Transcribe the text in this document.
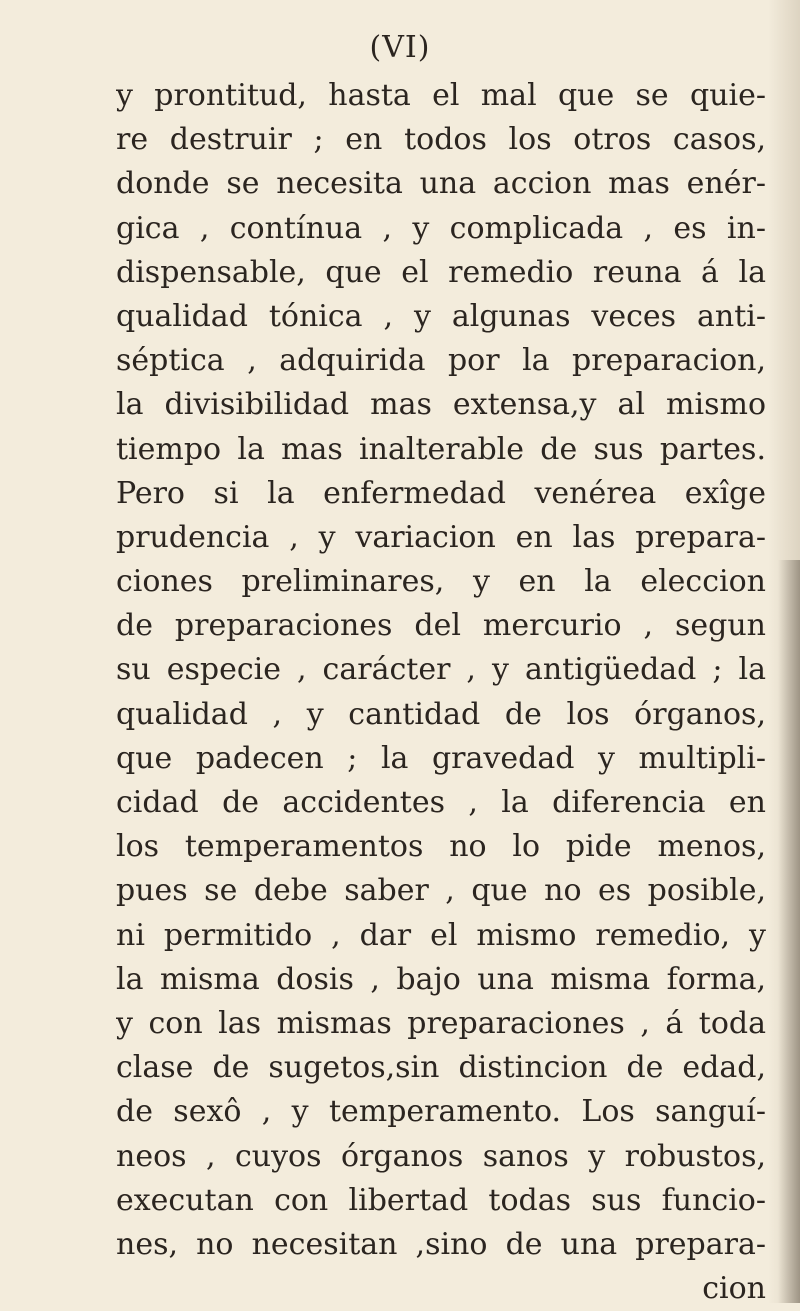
(VI)
y prontitud, hasta el mal que se quie-
re destruir ; en todos los otros casos,
donde se necesita una accion mas enér-
gica , contínua , y complicada , es in-
dispensable, que el remedio reuna á la
qualidad tónica , y algunas veces anti-
séptica , adquirida por la preparacion,
la divisibilidad mas extensa,y al mismo
tiempo la mas inalterable de sus partes.
Pero si la enfermedad venérea exîge
prudencia , y variacion en las prepara-
ciones preliminares, y en la eleccion
de preparaciones del mercurio , segun
su especie , carácter , y antigüedad ; la
qualidad , y cantidad de los órganos,
que padecen ; la gravedad y multipli-
cidad de accidentes , la diferencia en
los temperamentos no lo pide menos,
pues se debe saber , que no es posible,
ni permitido , dar el mismo remedio, y
la misma dosis , bajo una misma forma,
y con las mismas preparaciones , á toda
clase de sugetos,sin distincion de edad,
de sexô , y temperamento. Los sanguí-
neos , cuyos órganos sanos y robustos,
executan con libertad todas sus funcio-
nes, no necesitan ,sino de una prepara-
cion
